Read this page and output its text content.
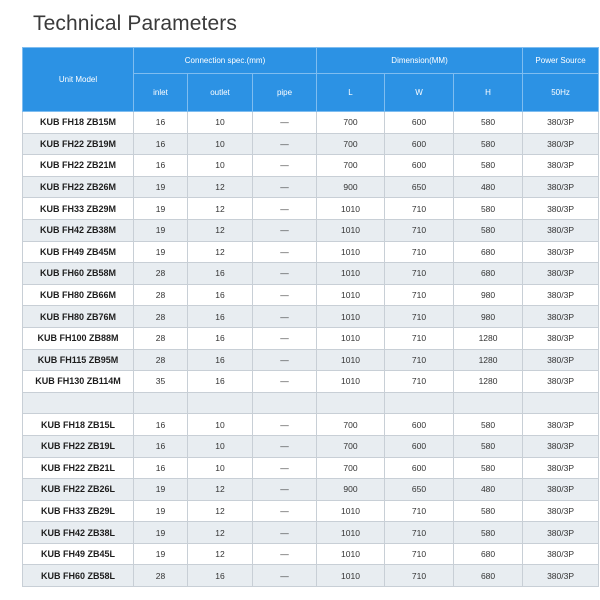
Technical Parameters
Unit Model	Connection spec.(mm)			Dimension(MM)			Power Source
	inlet	outlet	pipe	L	W	H	50Hz
KUB FH18 ZB15M	16	10	—	700	600	580	380/3P
KUB FH22 ZB19M	16	10	—	700	600	580	380/3P
KUB FH22 ZB21M	16	10	—	700	600	580	380/3P
KUB FH22 ZB26M	19	12	—	900	650	480	380/3P
KUB FH33 ZB29M	19	12	—	1010	710	580	380/3P
KUB FH42 ZB38M	19	12	—	1010	710	580	380/3P
KUB FH49 ZB45M	19	12	—	1010	710	680	380/3P
KUB FH60 ZB58M	28	16	—	1010	710	680	380/3P
KUB FH80 ZB66M	28	16	—	1010	710	980	380/3P
KUB FH80 ZB76M	28	16	—	1010	710	980	380/3P
KUB FH100 ZB88M	28	16	—	1010	710	1280	380/3P
KUB FH115 ZB95M	28	16	—	1010	710	1280	380/3P
KUB FH130 ZB114M	35	16	—	1010	710	1280	380/3P

KUB FH18 ZB15L	16	10	—	700	600	580	380/3P
KUB FH22 ZB19L	16	10	—	700	600	580	380/3P
KUB FH22 ZB21L	16	10	—	700	600	580	380/3P
KUB FH22 ZB26L	19	12	—	900	650	480	380/3P
KUB FH33 ZB29L	19	12	—	1010	710	580	380/3P
KUB FH42 ZB38L	19	12	—	1010	710	580	380/3P
KUB FH49 ZB45L	19	12	—	1010	710	680	380/3P
KUB FH60 ZB58L	28	16	—	1010	710	680	380/3P
